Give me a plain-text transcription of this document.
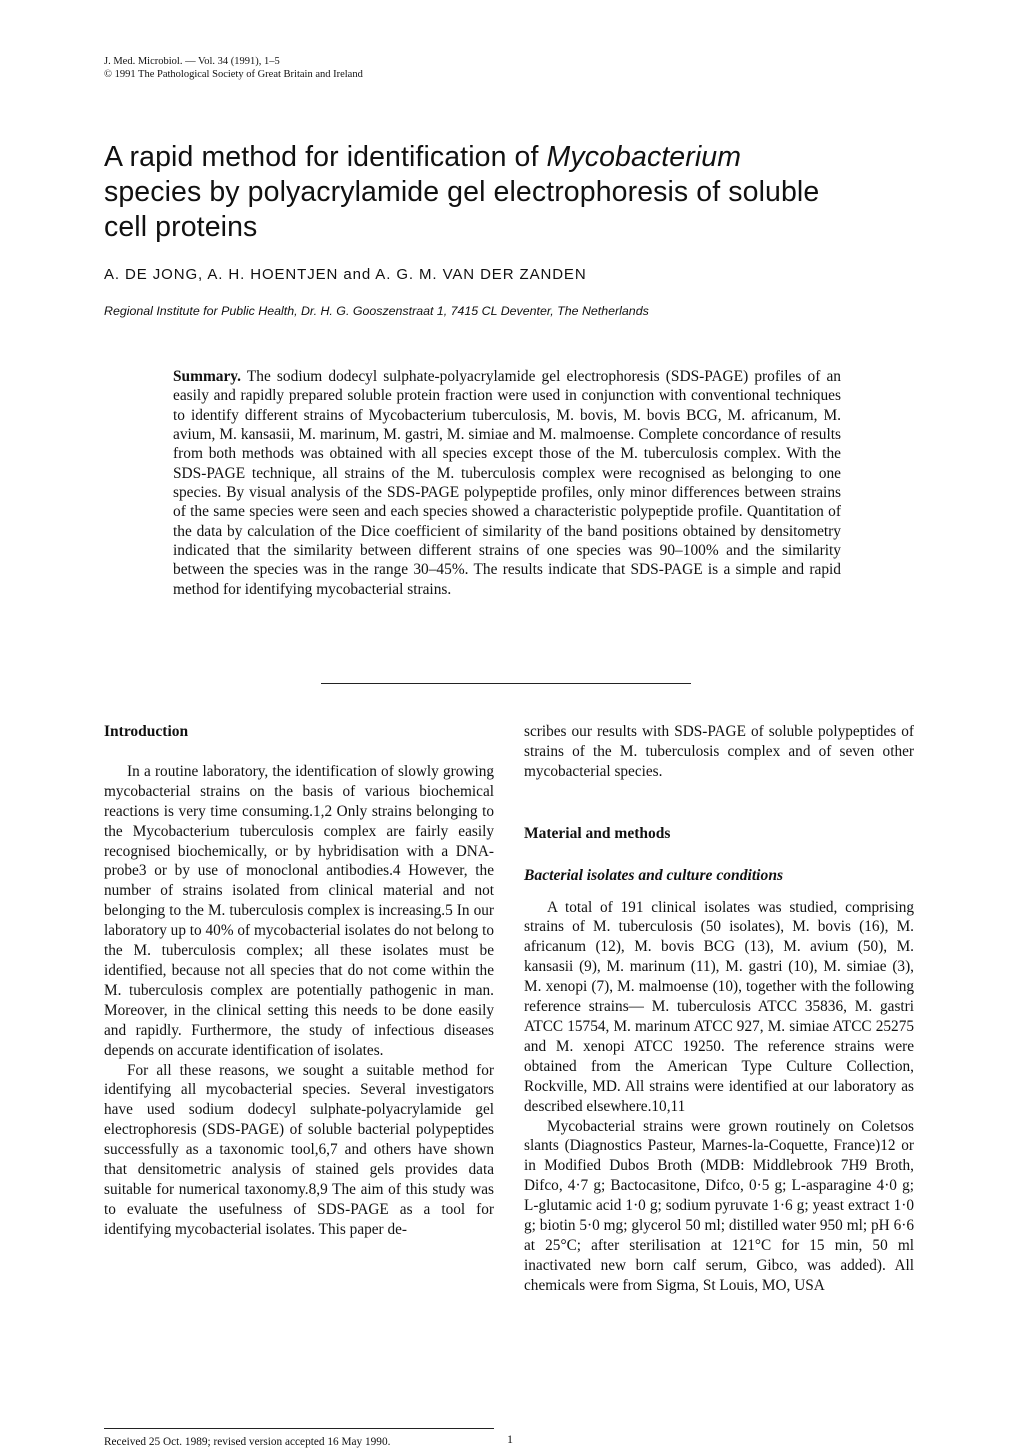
J. Med. Microbiol. — Vol. 34 (1991), 1–5
© 1991 The Pathological Society of Great Britain and Ireland
A rapid method for identification of Mycobacterium
species by polyacrylamide gel electrophoresis of soluble
cell proteins
A. DE JONG, A. H. HOENTJEN and A. G. M. VAN DER ZANDEN
Regional Institute for Public Health, Dr. H. G. Gooszenstraat 1, 7415 CL Deventer, The Netherlands
Summary. The sodium dodecyl sulphate-polyacrylamide gel electrophoresis (SDS-PAGE) profiles of an easily and rapidly prepared soluble protein fraction were used in conjunction with conventional techniques to identify different strains of Mycobacterium tuberculosis, M. bovis, M. bovis BCG, M. africanum, M. avium, M. kansasii, M. marinum, M. gastri, M. simiae and M. malmoense. Complete concordance of results from both methods was obtained with all species except those of the M. tuberculosis complex. With the SDS-PAGE technique, all strains of the M. tuberculosis complex were recognised as belonging to one species. By visual analysis of the SDS-PAGE polypeptide profiles, only minor differences between strains of the same species were seen and each species showed a characteristic polypeptide profile. Quantitation of the data by calculation of the Dice coefficient of similarity of the band positions obtained by densitometry indicated that the similarity between different strains of one species was 90–100% and the similarity between the species was in the range 30–45%. The results indicate that SDS-PAGE is a simple and rapid method for identifying mycobacterial strains.
Introduction

In a routine laboratory, the identification of slowly growing mycobacterial strains on the basis of various biochemical reactions is very time consuming.1,2 Only strains belonging to the Mycobacterium tuberculosis complex are fairly easily recognised biochemically, or by hybridisation with a DNA-probe3 or by use of monoclonal antibodies.4 However, the number of strains isolated from clinical material and not belonging to the M. tuberculosis complex is increasing.5 In our laboratory up to 40% of mycobacterial isolates do not belong to the M. tuberculosis complex; all these isolates must be identified, because not all species that do not come within the M. tuberculosis complex are potentially pathogenic in man. Moreover, in the clinical setting this needs to be done easily and rapidly. Furthermore, the study of infectious diseases depends on accurate identification of isolates.

For all these reasons, we sought a suitable method for identifying all mycobacterial species. Several investigators have used sodium dodecyl sulphate-polyacrylamide gel electrophoresis (SDS-PAGE) of soluble bacterial polypeptides successfully as a taxonomic tool,6,7 and others have shown that densitometric analysis of stained gels provides data suitable for numerical taxonomy.8,9 The aim of this study was to evaluate the usefulness of SDS-PAGE as a tool for identifying mycobacterial isolates. This paper de-

scribes our results with SDS-PAGE of soluble polypeptides of strains of the M. tuberculosis complex and of seven other mycobacterial species.

Material and methods
Bacterial isolates and culture conditions

A total of 191 clinical isolates was studied, comprising strains of M. tuberculosis (50 isolates), M. bovis (16), M. africanum (12), M. bovis BCG (13), M. avium (50), M. kansasii (9), M. marinum (11), M. gastri (10), M. simiae (3), M. xenopi (7), M. malmoense (10), together with the following reference strains— M. tuberculosis ATCC 35836, M. gastri ATCC 15754, M. marinum ATCC 927, M. simiae ATCC 25275 and M. xenopi ATCC 19250. The reference strains were obtained from the American Type Culture Collection, Rockville, MD. All strains were identified at our laboratory as described elsewhere.10,11

Mycobacterial strains were grown routinely on Coletsos slants (Diagnostics Pasteur, Marnes-la-Coquette, France)12 or in Modified Dubos Broth (MDB: Middlebrook 7H9 Broth, Difco, 4·7 g; Bactocasitone, Difco, 0·5 g; L-asparagine 4·0 g; L-glutamic acid 1·0 g; sodium pyruvate 1·6 g; yeast extract 1·0 g; biotin 5·0 mg; glycerol 50 ml; distilled water 950 ml; pH 6·6 at 25°C; after sterilisation at 121°C for 15 min, 50 ml inactivated new born calf serum, Gibco, was added). All chemicals were from Sigma, St Louis, MO, USA

Received 25 Oct. 1989; revised version accepted 16 May 1990.	1
